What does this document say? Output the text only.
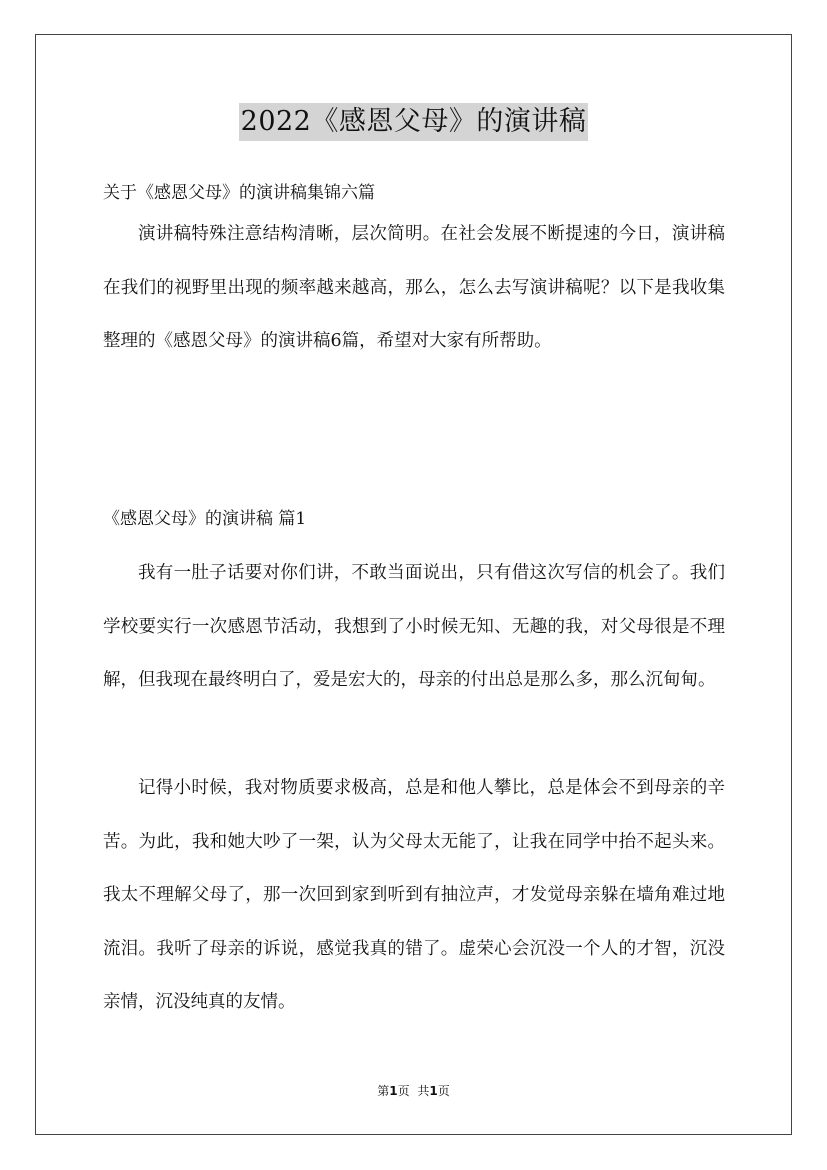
2022《感恩父母》的演讲稿
关于《感恩父母》的演讲稿集锦六篇

演讲稿特殊注意结构清晰，层次简明。在社会发展不断提速的今日，演讲稿在我们的视野里出现的频率越来越高，那么，怎么去写演讲稿呢？以下是我收集整理的《感恩父母》的演讲稿6篇，希望对大家有所帮助。

《感恩父母》的演讲稿 篇1

我有一肚子话要对你们讲，不敢当面说出，只有借这次写信的机会了。我们学校要实行一次感恩节活动，我想到了小时候无知、无趣的我，对父母很是不理解，但我现在最终明白了，爱是宏大的，母亲的付出总是那么多，那么沉甸甸。

记得小时候，我对物质要求极高，总是和他人攀比，总是体会不到母亲的辛苦。为此，我和她大吵了一架，认为父母太无能了，让我在同学中抬不起头来。我太不理解父母了，那一次回到家到听到有抽泣声，才发觉母亲躲在墙角难过地流泪。我听了母亲的诉说，感觉我真的错了。虚荣心会沉没一个人的才智，沉没亲情，沉没纯真的友情。

第1页 共1页
